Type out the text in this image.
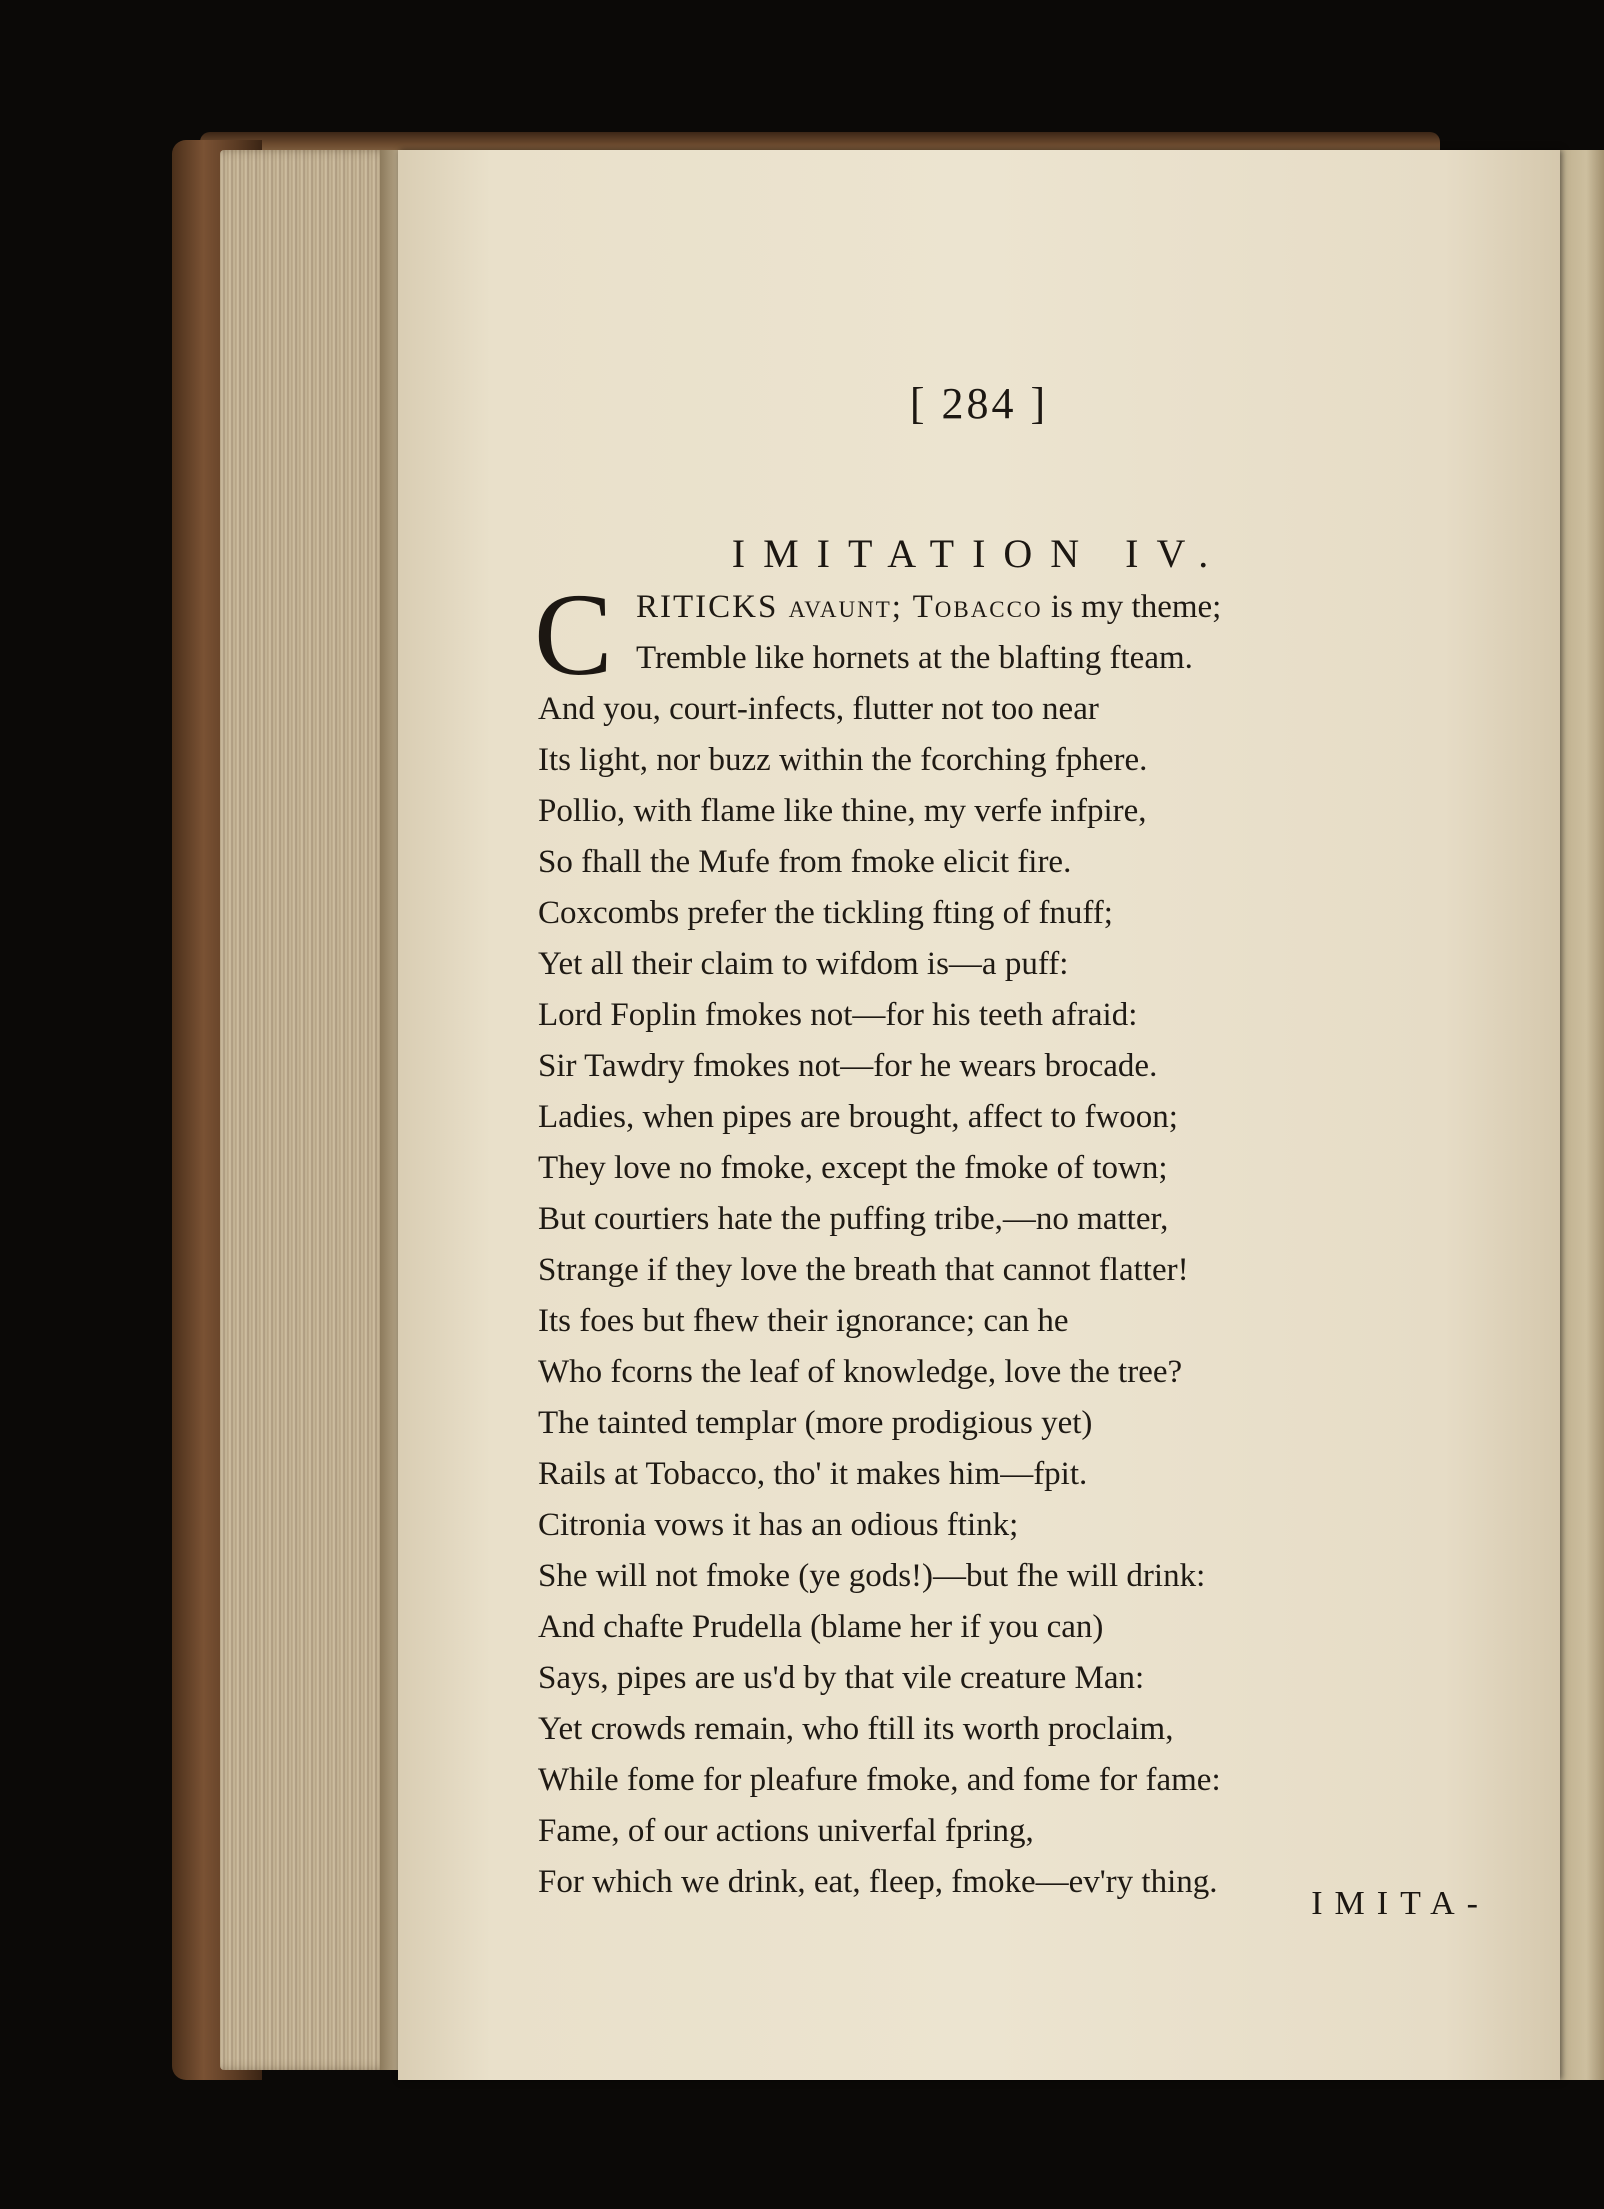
[ 284 ]
IMITATION IV.
C RITICKS avaunt; Tobacco is my theme;
Tremble like hornets at the blafting fteam.
And you, court-infects, flutter not too near
Its light, nor buzz within the fcorching fphere.
Pollio, with flame like thine, my verfe infpire,
So fhall the Mufe from fmoke elicit fire.
Coxcombs prefer the tickling fting of fnuff;
Yet all their claim to wifdom is—a puff:
Lord Foplin fmokes not—for his teeth afraid:
Sir Tawdry fmokes not—for he wears brocade.
Ladies, when pipes are brought, affect to fwoon;
They love no fmoke, except the fmoke of town;
But courtiers hate the puffing tribe,—no matter,
Strange if they love the breath that cannot flatter!
Its foes but fhew their ignorance; can he
Who fcorns the leaf of knowledge, love the tree?
The tainted templar (more prodigious yet)
Rails at Tobacco, tho' it makes him—fpit.
Citronia vows it has an odious ftink;
She will not fmoke (ye gods!)—but fhe will drink:
And chafte Prudella (blame her if you can)
Says, pipes are us'd by that vile creature Man:
Yet crowds remain, who ftill its worth proclaim,
While fome for pleafure fmoke, and fome for fame:
Fame, of our actions univerfal fpring,
For which we drink, eat, fleep, fmoke—ev'ry thing.
IMITA-
